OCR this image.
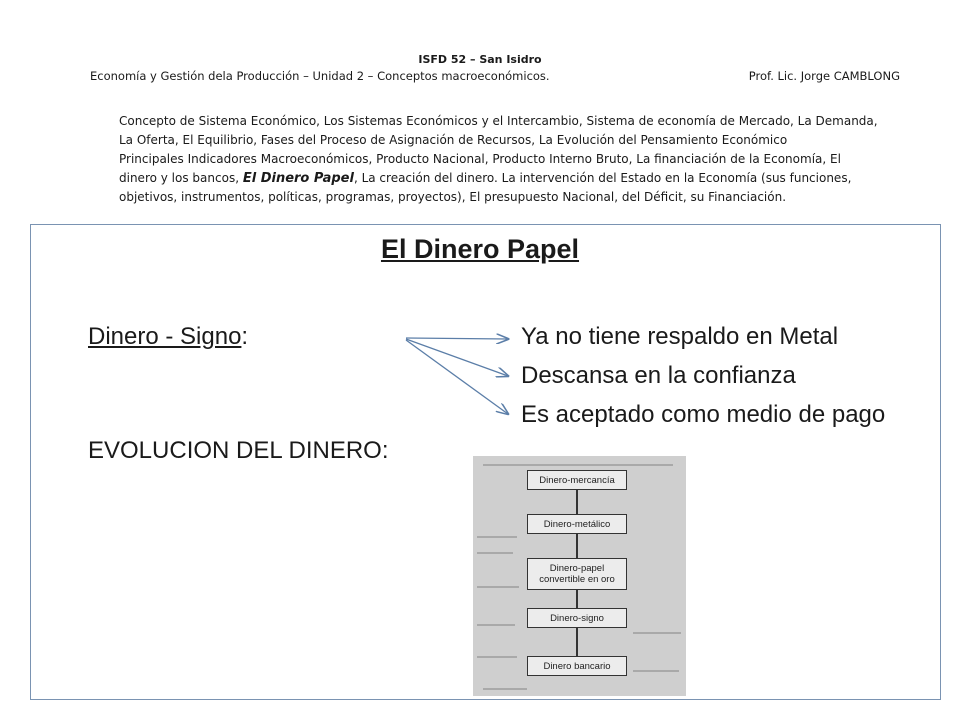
ISFD 52 – San Isidro
Economía y Gestión dela Producción – Unidad 2 – Conceptos macroeconómicos.	Prof. Lic. Jorge CAMBLONG

Concepto de Sistema Económico, Los Sistemas Económicos y el Intercambio, Sistema de economía de Mercado, La Demanda,

La Oferta, El Equilibrio, Fases del Proceso de Asignación de Recursos, La Evolución del Pensamiento Económico

Principales Indicadores Macroeconómicos, Producto Nacional, Producto Interno Bruto, La financiación de la Economía, El

dinero y los bancos, El Dinero Papel, La creación del dinero. La intervención del Estado en la Economía (sus funciones,

objetivos, instrumentos, políticas, programas, proyectos), El presupuesto Nacional, del Déficit, su Financiación.

El Dinero Papel
Dinero - Signo:	Ya no tiene respaldo en Metal
Descansa en la confianza
Es aceptado como medio de pago
EVOLUCION DEL DINERO:
Dinero-mercancía
Dinero-metálico
Dinero-papel convertible en oro
Dinero-signo
Dinero bancario
